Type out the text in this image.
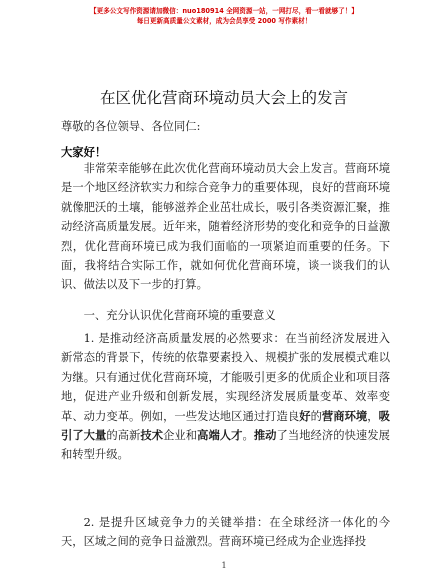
【更多公文写作资源请加微信：nuo180914 全网资源一站，一网打尽，看一看就够了！】
每日更新高质量公文素材，成为会员享受 2000 写作素材！
在区优化营商环境动员大会上的发言
尊敬的各位领导、各位同仁:
大家好！
非常荣幸能够在此次优化营商环境动员大会上发言。营商环境是一个地区经济软实力和综合竞争力的重要体现，良好的营商环境就像肥沃的土壤，能够滋养企业茁壮成长，吸引各类资源汇聚，推动经济高质量发展。近年来，随着经济形势的变化和竞争的日益激烈，优化营商环境已成为我们面临的一项紧迫而重要的任务。下面，我将结合实际工作，就如何优化营商环境，谈一谈我们的认识、做法以及下一步的打算。
一、充分认识优化营商环境的重要意义
1. 是推动经济高质量发展的必然要求：在当前经济发展进入新常态的背景下，传统的依靠要素投入、规模扩张的发展模式难以为继。只有通过优化营商环境，才能吸引更多的优质企业和项目落地，促进产业升级和创新发展，实现经济发展质量变革、效率变革、动力变革。例如，一些发达地区通过打造良好的营商环境，吸引了大量的高新技术企业和高端人才。推动了当地经济的快速发展和转型升级。
2. 是提升区域竞争力的关键举措：在全球经济一体化的今天，区域之间的竞争日益激烈。营商环境已经成为企业选择投
1
